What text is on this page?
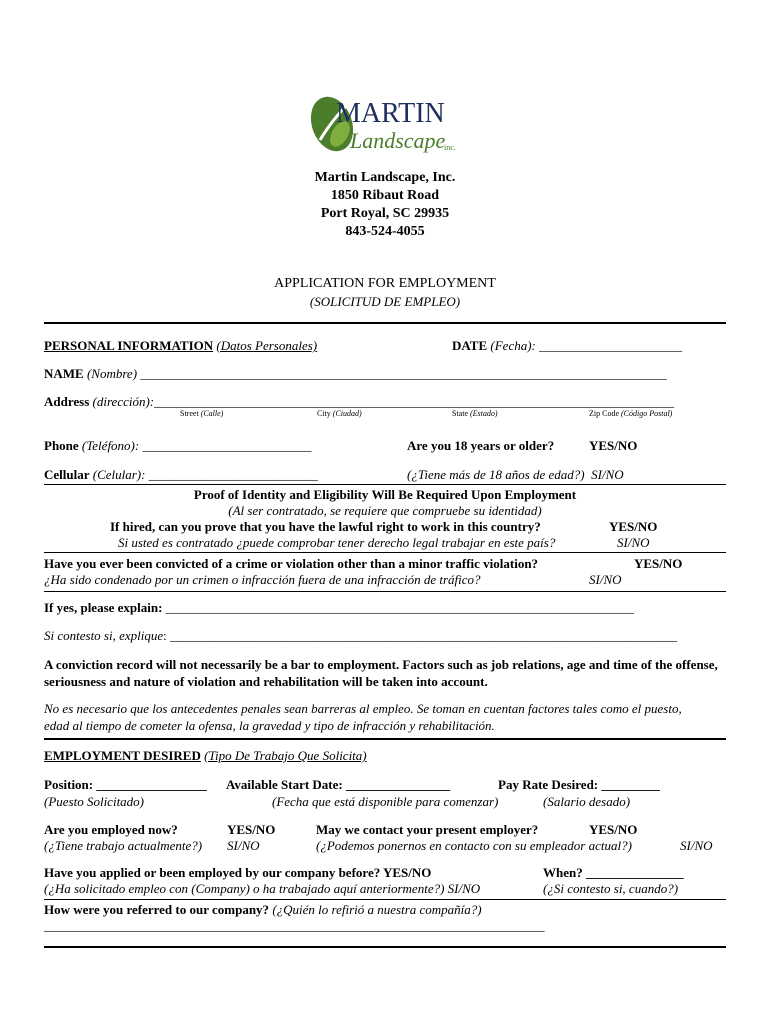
MARTIN
Landscape
inc.
Martin Landscape, Inc.
1850 Ribaut Road
Port Royal, SC 29935
843-524-4055
APPLICATION FOR EMPLOYMENT
(SOLICITUD DE EMPLEO)
PERSONAL INFORMATION (Datos Personales)	DATE (Fecha): ______________________
NAME (Nombre) _________________________________________________________________________________
Address (dirección):________________________________________________________________________________
Street (Calle)	City (Ciudad)	State (Estado)	Zip Code (Código Postal)
Phone (Teléfono): __________________________	Are you 18 years or older?	YES/NO
Cellular (Celular): __________________________	(¿Tiene más de 18 años de edad?) SI/NO
Proof of Identity and Eligibility Will Be Required Upon Employment
(Al ser contratado, se requiere que compruebe su identidad)
If hired, can you prove that you have the lawful right to work in this country?	YES/NO
Si usted es contratado ¿puede comprobar tener derecho legal trabajar en este país?	SI/NO
Have you ever been convicted of a crime or violation other than a minor traffic violation?	YES/NO
¿Ha sido condenado por un crimen o infracción fuera de una infracción de tráfico?	SI/NO
If yes, please explain: ________________________________________________________________________
Si contesto si, explique: ______________________________________________________________________________
A conviction record will not necessarily be a bar to employment. Factors such as job relations, age and time of the offense, seriousness and nature of violation and rehabilitation will be taken into account.
No es necesario que los antecedentes penales sean barreras al empleo. Se toman en cuentan factores tales como el puesto, edad al tiempo de cometer la ofensa, la gravedad y tipo de infracción y rehabilitación.
EMPLOYMENT DESIRED (Tipo De Trabajo Que Solicita)
Position: _________________ Available Start Date: ________________	Pay Rate Desired: _________
(Puesto Solicitado)	(Fecha que está disponible para comenzar)	(Salario desado)
Are you employed now?	YES/NO	May we contact your present employer?	YES/NO
(¿Tiene trabajo actualmente?) SI/NO	(¿Podemos ponernos en contacto con su empleador actual?)	SI/NO
Have you applied or been employed by our company before? YES/NO	When? _______________
(¿Ha solicitado empleo con (Company) o ha trabajado aquí anteriormente?) SI/NO	(¿Si contesto si, cuando?)
How were you referred to our company? (¿Quién lo refirió a nuestra compañía?)
_____________________________________________________________________________
